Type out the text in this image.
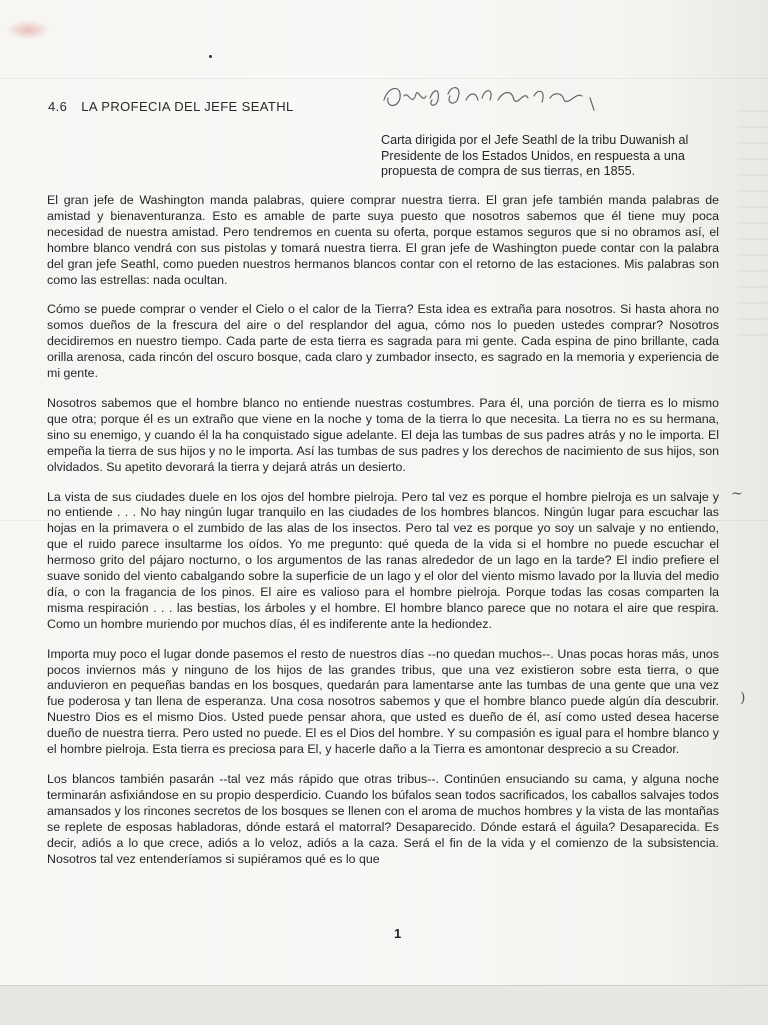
4.6 LA PROFECIA DEL JEFE SEATHL
Carta dirigida por el Jefe Seathl de la tribu Duwanish al Presidente de los Estados Unidos, en respuesta a una propuesta de compra de sus tierras, en 1855.

El gran jefe de Washington manda palabras, quiere comprar nuestra tierra. El gran jefe también manda palabras de amistad y bienaventuranza. Esto es amable de parte suya puesto que nosotros sabemos que él tiene muy poca necesidad de nuestra amistad. Pero tendremos en cuenta su oferta, porque estamos seguros que si no obramos así, el hombre blanco vendrá con sus pistolas y tomará nuestra tierra. El gran jefe de Washington puede contar con la palabra del gran jefe Seathl, como pueden nuestros hermanos blancos contar con el retorno de las estaciones. Mis palabras son como las estrellas: nada ocultan.

Cómo se puede comprar o vender el Cielo o el calor de la Tierra? Esta idea es extraña para nosotros. Si hasta ahora no somos dueños de la frescura del aire o del resplandor del agua, cómo nos lo pueden ustedes comprar? Nosotros decidiremos en nuestro tiempo. Cada parte de esta tierra es sagrada para mi gente. Cada espina de pino brillante, cada orilla arenosa, cada rincón del oscuro bosque, cada claro y zumbador insecto, es sagrado en la memoria y experiencia de mi gente.

Nosotros sabemos que el hombre blanco no entiende nuestras costumbres. Para él, una porción de tierra es lo mismo que otra; porque él es un extraño que viene en la noche y toma de la tierra lo que necesita. La tierra no es su hermana, sino su enemigo, y cuando él la ha conquistado sigue adelante. El deja las tumbas de sus padres atrás y no le importa. El empeña la tierra de sus hijos y no le importa. Así las tumbas de sus padres y los derechos de nacimiento de sus hijos, son olvidados. Su apetito devorará la tierra y dejará atrás un desierto.

La vista de sus ciudades duele en los ojos del hombre pielroja. Pero tal vez es porque el hombre pielroja es un salvaje y no entiende . . . No hay ningún lugar tranquilo en las ciudades de los hombres blancos. Ningún lugar para escuchar las hojas en la primavera o el zumbido de las alas de los insectos. Pero tal vez es porque yo soy un salvaje y no entiendo, que el ruido parece insultarme los oídos. Yo me pregunto: qué queda de la vida si el hombre no puede escuchar el hermoso grito del pájaro nocturno, o los argumentos de las ranas alrededor de un lago en la tarde? El indio prefiere el suave sonido del viento cabalgando sobre la superficie de un lago y el olor del viento mismo lavado por la lluvia del medio día, o con la fragancia de los pinos. El aire es valioso para el hombre pielroja. Porque todas las cosas comparten la misma respiración . . . las bestias, los árboles y el hombre. El hombre blanco parece que no notara el aire que respira. Como un hombre muriendo por muchos días, él es indiferente ante la hediondez.

Importa muy poco el lugar donde pasemos el resto de nuestros días --no quedan muchos--. Unas pocas horas más, unos pocos inviernos más y ninguno de los hijos de las grandes tribus, que una vez existieron sobre esta tierra, o que anduvieron en pequeñas bandas en los bosques, quedarán para lamentarse ante las tumbas de una gente que una vez fue poderosa y tan llena de esperanza. Una cosa nosotros sabemos y que el hombre blanco puede algún día descubrir. Nuestro Dios es el mismo Dios. Usted puede pensar ahora, que usted es dueño de él, así como usted desea hacerse dueño de nuestra tierra. Pero usted no puede. El es el Dios del hombre. Y su compasión es igual para el hombre blanco y el hombre pielroja. Esta tierra es preciosa para El, y hacerle daño a la Tierra es amontonar desprecio a su Creador.

Los blancos también pasarán --tal vez más rápido que otras tribus--. Continúen ensuciando su cama, y alguna noche terminarán asfixiándose en su propio desperdicio. Cuando los búfalos sean todos sacrificados, los caballos salvajes todos amansados y los rincones secretos de los bosques se llenen con el aroma de muchos hombres y la vista de las montañas se replete de esposas habladoras, dónde estará el matorral? Desaparecido. Dónde estará el águila? Desaparecida. Es decir, adiós a lo que crece, adiós a lo veloz, adiós a la caza. Será el fin de la vida y el comienzo de la subsistencia. Nosotros tal vez entenderíamos si supiéramos qué es lo que

~
)
1
